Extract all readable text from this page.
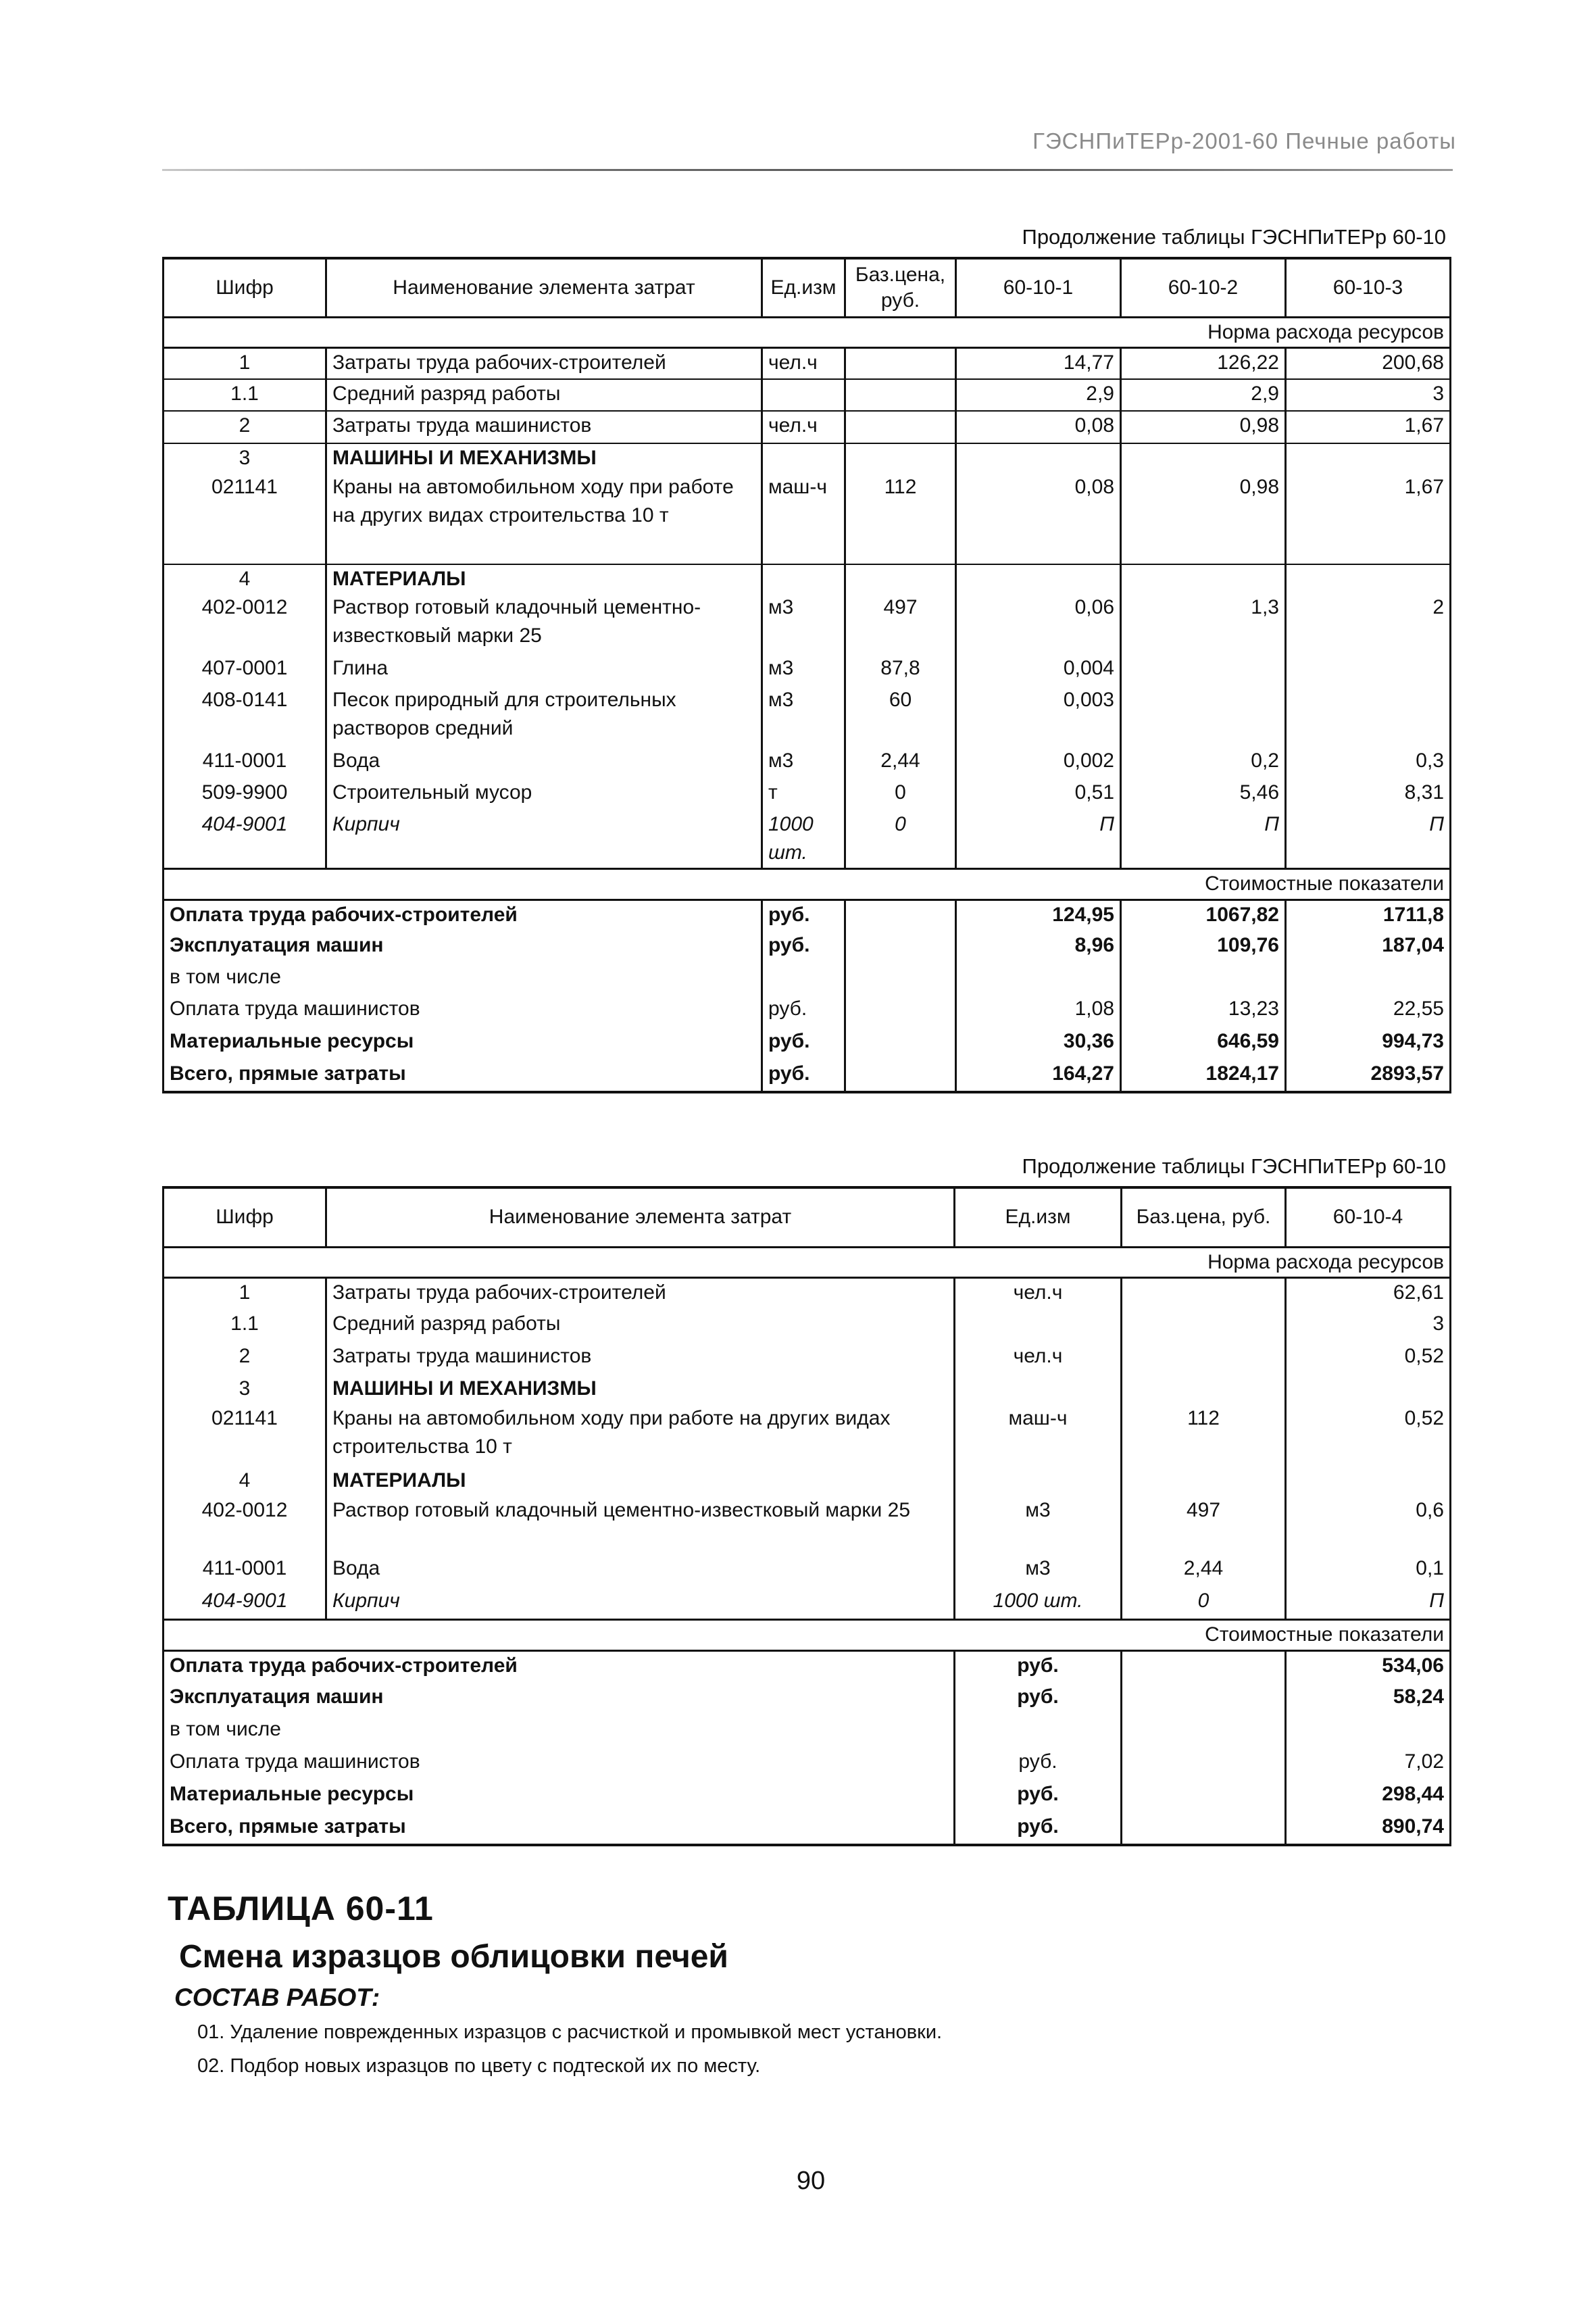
ГЭСНПиТЕРр-2001-60 Печные работы
Продолжение таблицы ГЭСНПиТЕРр 60-10
Шифр	Наименование элемента затрат	Ед.изм	Баз.цена, руб.	60-10-1	60-10-2	60-10-3
					Норма расхода ресурсов	
1	Затраты труда рабочих-строителей	чел.ч		14,77	126,22	200,68
1.1	Средний разряд работы			2,9	2,9	3
2	Затраты труда машинистов	чел.ч		0,08	0,98	1,67
3	МАШИНЫ И МЕХАНИЗМЫ					
021141	Краны на автомобильном ходу при работе на других видах строительства 10 т	маш-ч	112	0,08	0,98	1,67
4	МАТЕРИАЛЫ					
402-0012	Раствор готовый кладочный цементно-известковый марки 25	м3	497	0,06	1,3	2
407-0001	Глина	м3	87,8	0,004		
408-0141	Песок природный для строительных растворов средний	м3	60	0,003		
411-0001	Вода	м3	2,44	0,002	0,2	0,3
509-9900	Строительный мусор	т	0	0,51	5,46	8,31
404-9001	Кирпич	1000 шт.	0	П	П	П
					Стоимостные показатели	
Оплата труда рабочих-строителей		руб.		124,95	1067,82	1711,8
Эксплуатация машин		руб.		8,96	109,76	187,04
в том числе						
Оплата труда машинистов		руб.		1,08	13,23	22,55
Материальные ресурсы		руб.		30,36	646,59	994,73
Всего, прямые затраты		руб.		164,27	1824,17	2893,57
Продолжение таблицы ГЭСНПиТЕРр 60-10
Шифр	Наименование элемента затрат	Ед.изм	Баз.цена, руб.	60-10-4
			Норма расхода ресурсов	
1	Затраты труда рабочих-строителей	чел.ч		62,61
1.1	Средний разряд работы			3
2	Затраты труда машинистов	чел.ч		0,52
3	МАШИНЫ И МЕХАНИЗМЫ			
021141	Краны на автомобильном ходу при работе на других видах строительства 10 т	маш-ч	112	0,52
4	МАТЕРИАЛЫ			
402-0012	Раствор готовый кладочный цементно-известковый марки 25	м3	497	0,6
411-0001	Вода	м3	2,44	0,1
404-9001	Кирпич	1000 шт.	0	П
			Стоимостные показатели	
Оплата труда рабочих-строителей		руб.		534,06
Эксплуатация машин		руб.		58,24
в том числе				
Оплата труда машинистов		руб.		7,02
Материальные ресурсы		руб.		298,44
Всего, прямые затраты		руб.		890,74
ТАБЛИЦА 60-11
Смена изразцов облицовки печей
СОСТАВ РАБОТ:
01. Удаление поврежденных изразцов с расчисткой и промывкой мест установки.
02. Подбор новых изразцов по цвету с подтеской их по месту.
90
